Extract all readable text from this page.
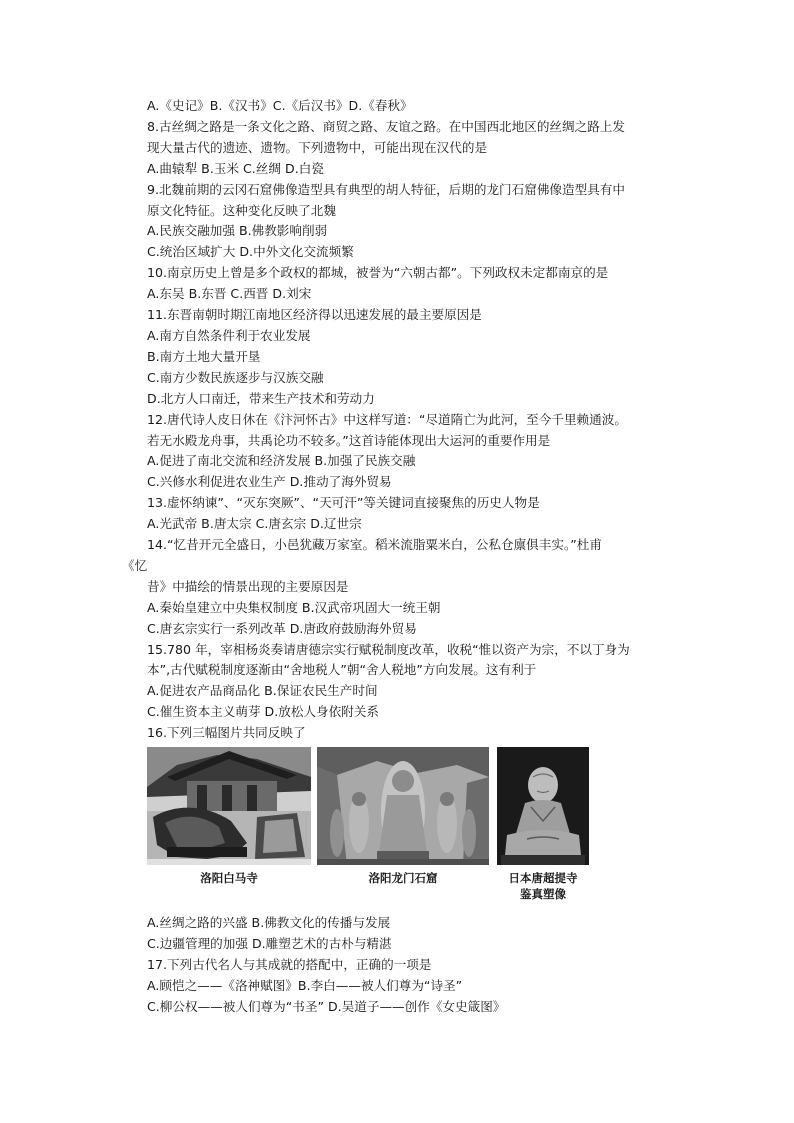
A.《史记》B.《汉书》C.《后汉书》D.《春秋》
8.古丝绸之路是一条文化之路、商贸之路、友谊之路。在中国西北地区的丝绸之路上发
现大量古代的遗迹、遗物。下列遗物中，可能出现在汉代的是
A.曲辕犁 B.玉米 C.丝绸 D.白瓷
9.北魏前期的云冈石窟佛像造型具有典型的胡人特征，后期的龙门石窟佛像造型具有中
原文化特征。这种变化反映了北魏
A.民族交融加强 B.佛教影响削弱
C.统治区域扩大 D.中外文化交流频繁
10.南京历史上曾是多个政权的都城，被誉为“六朝古都”。下列政权未定都南京的是
A.东吴 B.东晋 C.西晋 D.刘宋
11.东晋南朝时期江南地区经济得以迅速发展的最主要原因是
A.南方自然条件利于农业发展
B.南方土地大量开垦
C.南方少数民族逐步与汉族交融
D.北方人口南迁，带来生产技术和劳动力
12.唐代诗人皮日休在《汴河怀古》中这样写道：“尽道隋亡为此河，至今千里赖通波。
若无水殿龙舟事，共禹论功不较多。”这首诗能体现出大运河的重要作用是
A.促进了南北交流和经济发展 B.加强了民族交融
C.兴修水利促进农业生产 D.推动了海外贸易
13.虚怀纳谏”、“灭东突厥”、“天可汗”等关键词直接聚焦的历史人物是
A.光武帝 B.唐太宗 C.唐玄宗 D.辽世宗
14.“忆昔开元全盛日，小邑犹藏万家室。稻米流脂粟米白，公私仓廪俱丰实。”杜甫
《忆
昔》中描绘的情景出现的主要原因是
A.秦始皇建立中央集权制度 B.汉武帝巩固大一统王朝
C.唐玄宗实行一系列改革 D.唐政府鼓励海外贸易
15.780 年，宰相杨炎奏请唐德宗实行赋税制度改革，收税“惟以资产为宗，不以丁身为
本”,古代赋税制度逐渐由“舍地税人”朝“舍人税地”方向发展。这有利于
A.促进农产品商品化 B.保证农民生产时间
C.催生资本主义萌芽 D.放松人身依附关系
16.下列三幅图片共同反映了
洛阳白马寺	洛阳龙门石窟	日本唐超提寺
鉴真塑像
A.丝绸之路的兴盛 B.佛教文化的传播与发展
C.边疆管理的加强 D.雕塑艺术的古朴与精湛
17.下列古代名人与其成就的搭配中，正确的一项是
A.顾恺之——《洛神赋图》B.李白——被人们尊为“诗圣”
C.柳公权——被人们尊为“书圣” D.吴道子——创作《女史箴图》
